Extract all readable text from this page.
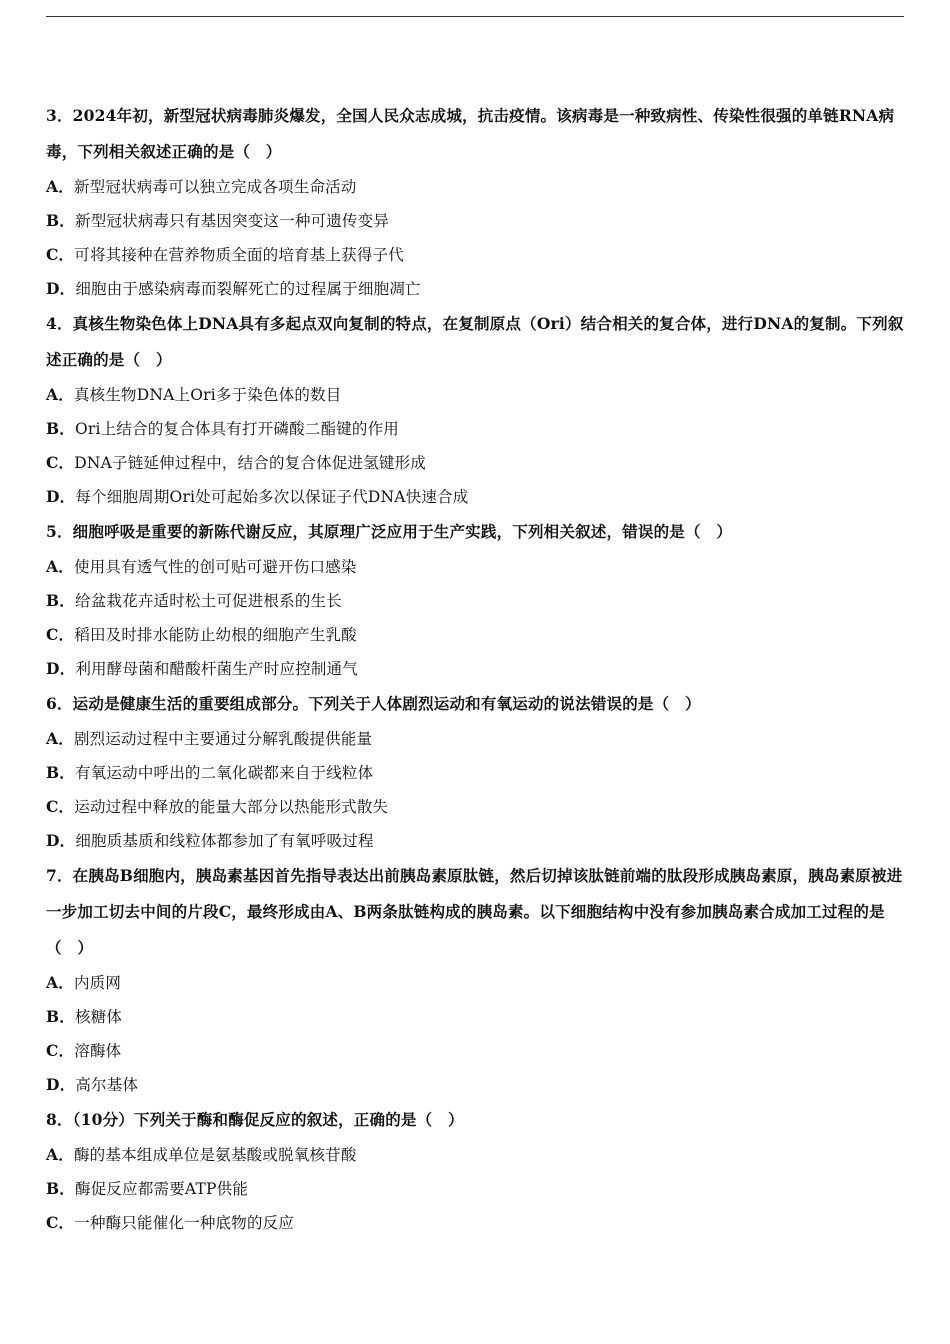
3．2024年初，新型冠状病毒肺炎爆发，全国人民众志成城，抗击疫情。该病毒是一种致病性、传染性很强的单链RNA病毒，下列相关叙述正确的是（　）

A．新型冠状病毒可以独立完成各项生命活动

B．新型冠状病毒只有基因突变这一种可遗传变异

C．可将其接种在营养物质全面的培育基上获得子代

D．细胞由于感染病毒而裂解死亡的过程属于细胞凋亡

4．真核生物染色体上DNA具有多起点双向复制的特点，在复制原点（Ori）结合相关的复合体，进行DNA的复制。下列叙述正确的是（　）

A．真核生物DNA上Ori多于染色体的数目

B．Ori上结合的复合体具有打开磷酸二酯键的作用

C．DNA子链延伸过程中，结合的复合体促进氢键形成

D．每个细胞周期Ori处可起始多次以保证子代DNA快速合成

5．细胞呼吸是重要的新陈代谢反应，其原理广泛应用于生产实践，下列相关叙述，错误的是（　）

A．使用具有透气性的创可贴可避开伤口感染

B．给盆栽花卉适时松土可促进根系的生长

C．稻田及时排水能防止幼根的细胞产生乳酸

D．利用酵母菌和醋酸杆菌生产时应控制通气

6．运动是健康生活的重要组成部分。下列关于人体剧烈运动和有氧运动的说法错误的是（　）

A．剧烈运动过程中主要通过分解乳酸提供能量

B．有氧运动中呼出的二氧化碳都来自于线粒体

C．运动过程中释放的能量大部分以热能形式散失

D．细胞质基质和线粒体都参加了有氧呼吸过程

7．在胰岛B细胞内，胰岛素基因首先指导表达出前胰岛素原肽链，然后切掉该肽链前端的肽段形成胰岛素原，胰岛素原被进一步加工切去中间的片段C，最终形成由A、B两条肽链构成的胰岛素。以下细胞结构中没有参加胰岛素合成加工过程的是（　）

A．内质网

B．核糖体

C．溶酶体

D．高尔基体

8．（10分）下列关于酶和酶促反应的叙述，正确的是（　）

A．酶的基本组成单位是氨基酸或脱氧核苷酸

B．酶促反应都需要ATP供能

C．一种酶只能催化一种底物的反应
